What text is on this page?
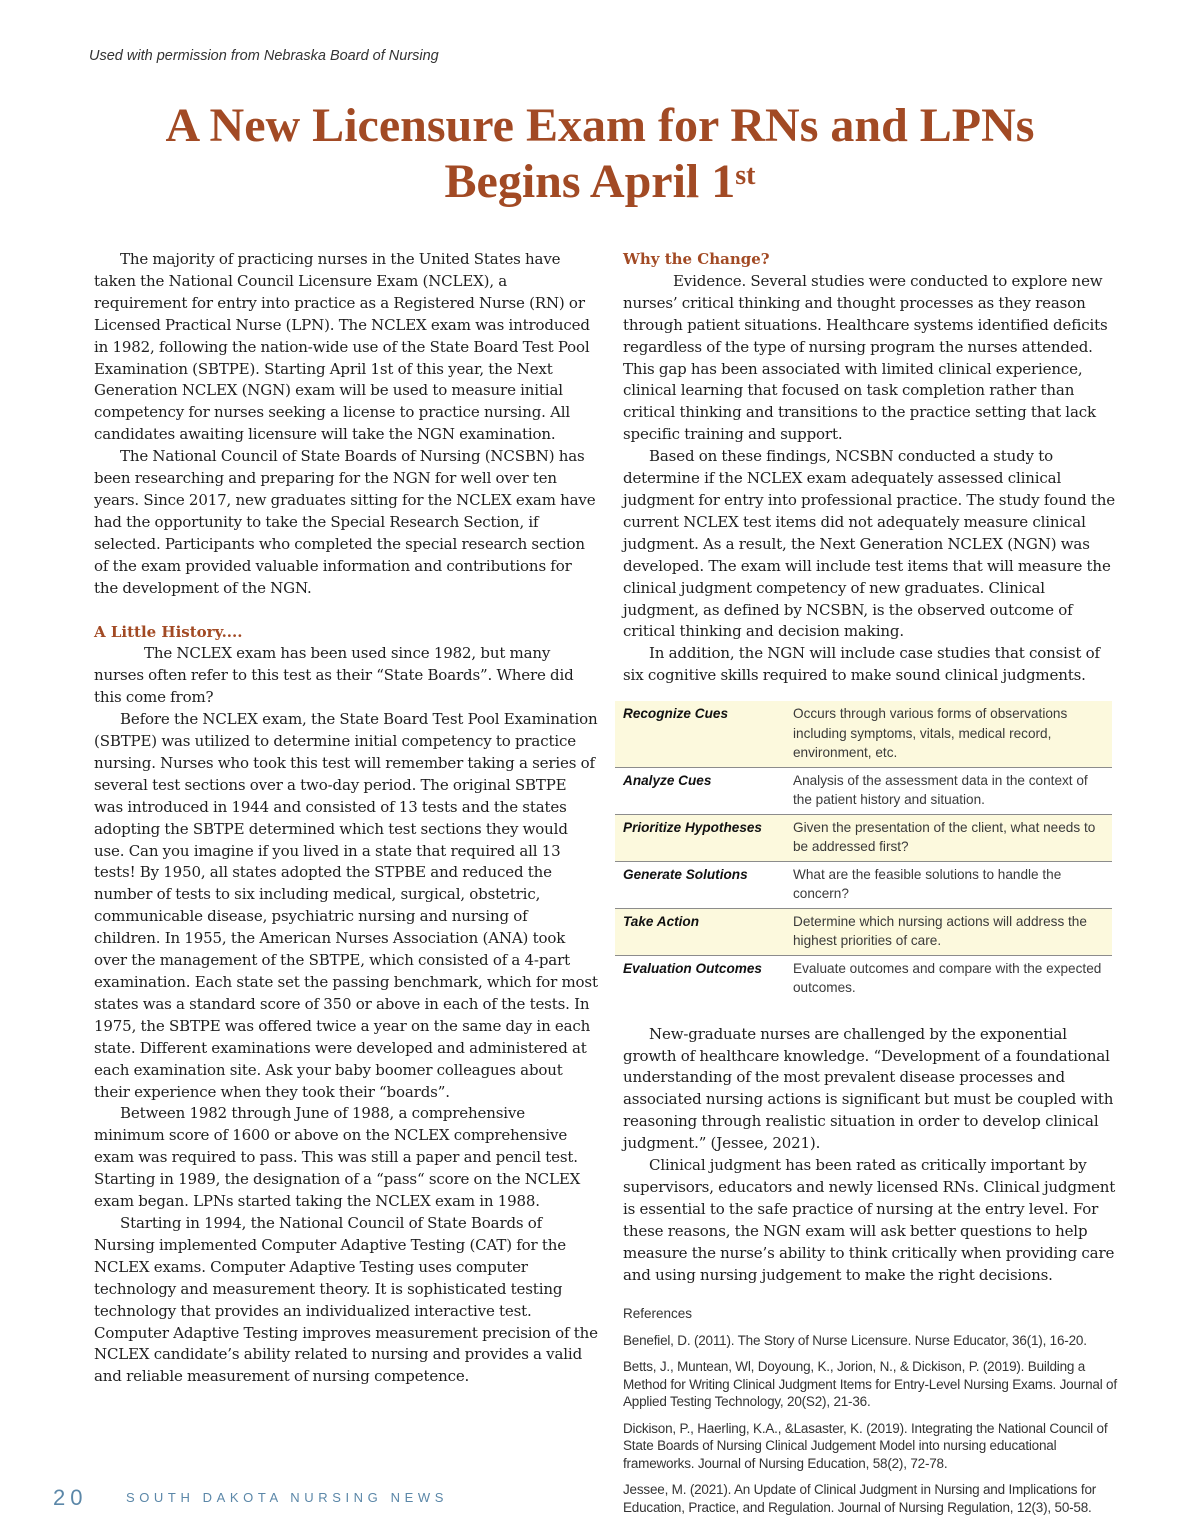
Used with permission from Nebraska Board of Nursing
A New Licensure Exam for RNs and LPNs
Begins April 1st

The majority of practicing nurses in the United States have taken the National Council Licensure Exam (NCLEX), a requirement for entry into practice as a Registered Nurse (RN) or Licensed Practical Nurse (LPN). The NCLEX exam was introduced in 1982, following the nation-wide use of the State Board Test Pool Examination (SBTPE). Starting April 1st of this year, the Next Generation NCLEX (NGN) exam will be used to measure initial competency for nurses seeking a license to practice nursing. All candidates awaiting licensure will take the NGN examination.

The National Council of State Boards of Nursing (NCSBN) has been researching and preparing for the NGN for well over ten years. Since 2017, new graduates sitting for the NCLEX exam have had the opportunity to take the Special Research Section, if selected. Participants who completed the special research section of the exam provided valuable information and contributions for the development of the NGN.

A Little History....

The NCLEX exam has been used since 1982, but many nurses often refer to this test as their “State Boards”. Where did this come from?

Before the NCLEX exam, the State Board Test Pool Examination (SBTPE) was utilized to determine initial competency to practice nursing. Nurses who took this test will remember taking a series of several test sections over a two-day period. The original SBTPE was introduced in 1944 and consisted of 13 tests and the states adopting the SBTPE determined which test sections they would use. Can you imagine if you lived in a state that required all 13 tests! By 1950, all states adopted the STPBE and reduced the number of tests to six including medical, surgical, obstetric, communicable disease, psychiatric nursing and nursing of children. In 1955, the American Nurses Association (ANA) took over the management of the SBTPE, which consisted of a 4-part examination. Each state set the passing benchmark, which for most states was a standard score of 350 or above in each of the tests. In 1975, the SBTPE was offered twice a year on the same day in each state. Different examinations were developed and administered at each examination site. Ask your baby boomer colleagues about their experience when they took their “boards”.

Between 1982 through June of 1988, a comprehensive minimum score of 1600 or above on the NCLEX comprehensive exam was required to pass. This was still a paper and pencil test. Starting in 1989, the designation of a “pass“ score on the NCLEX exam began. LPNs started taking the NCLEX exam in 1988.

Starting in 1994, the National Council of State Boards of Nursing implemented Computer Adaptive Testing (CAT) for the NCLEX exams. Computer Adaptive Testing uses computer technology and measurement theory. It is sophisticated testing technology that provides an individualized interactive test. Computer Adaptive Testing improves measurement precision of the NCLEX candidate’s ability related to nursing and provides a valid and reliable measurement of nursing competence.

Why the Change?

Evidence. Several studies were conducted to explore new nurses’ critical thinking and thought processes as they reason through patient situations. Healthcare systems identified deficits regardless of the type of nursing program the nurses attended. This gap has been associated with limited clinical experience, clinical learning that focused on task completion rather than critical thinking and transitions to the practice setting that lack specific training and support.

Based on these findings, NCSBN conducted a study to determine if the NCLEX exam adequately assessed clinical judgment for entry into professional practice. The study found the current NCLEX test items did not adequately measure clinical judgment. As a result, the Next Generation NCLEX (NGN) was developed. The exam will include test items that will measure the clinical judgment competency of new graduates. Clinical judgment, as defined by NCSBN, is the observed outcome of critical thinking and decision making.

In addition, the NGN will include case studies that consist of six cognitive skills required to make sound clinical judgments.

Recognize Cues	Occurs through various forms of observations including symptoms, vitals, medical record, environment, etc.
Analyze Cues	Analysis of the assessment data in the context of the patient history and situation.
Prioritize Hypotheses	Given the presentation of the client, what needs to be addressed first?
Generate Solutions	What are the feasible solutions to handle the concern?
Take Action	Determine which nursing actions will address the highest priorities of care.
Evaluation Outcomes	Evaluate outcomes and compare with the expected outcomes.

New-graduate nurses are challenged by the exponential growth of healthcare knowledge. “Development of a foundational understanding of the most prevalent disease processes and associated nursing actions is significant but must be coupled with reasoning through realistic situation in order to develop clinical judgment.” (Jessee, 2021).

Clinical judgment has been rated as critically important by supervisors, educators and newly licensed RNs. Clinical judgment is essential to the safe practice of nursing at the entry level. For these reasons, the NGN exam will ask better questions to help measure the nurse’s ability to think critically when providing care and using nursing judgement to make the right decisions.

References
Benefiel, D. (2011). The Story of Nurse Licensure. Nurse Educator, 36(1), 16-20.
Betts, J., Muntean, Wl, Doyoung, K., Jorion, N., & Dickison, P. (2019). Building a Method for Writing Clinical Judgment Items for Entry-Level Nursing Exams. Journal of Applied Testing Technology, 20(S2), 21-36.
Dickison, P., Haerling, K.A., &Lasaster, K. (2019). Integrating the National Council of State Boards of Nursing Clinical Judgement Model into nursing educational frameworks. Journal of Nursing Education, 58(2), 72-78.
Jessee, M. (2021). An Update of Clinical Judgment in Nursing and Implications for Education, Practice, and Regulation. Journal of Nursing Regulation, 12(3), 50-58.
20	SOUTH DAKOTA NURSING NEWS
